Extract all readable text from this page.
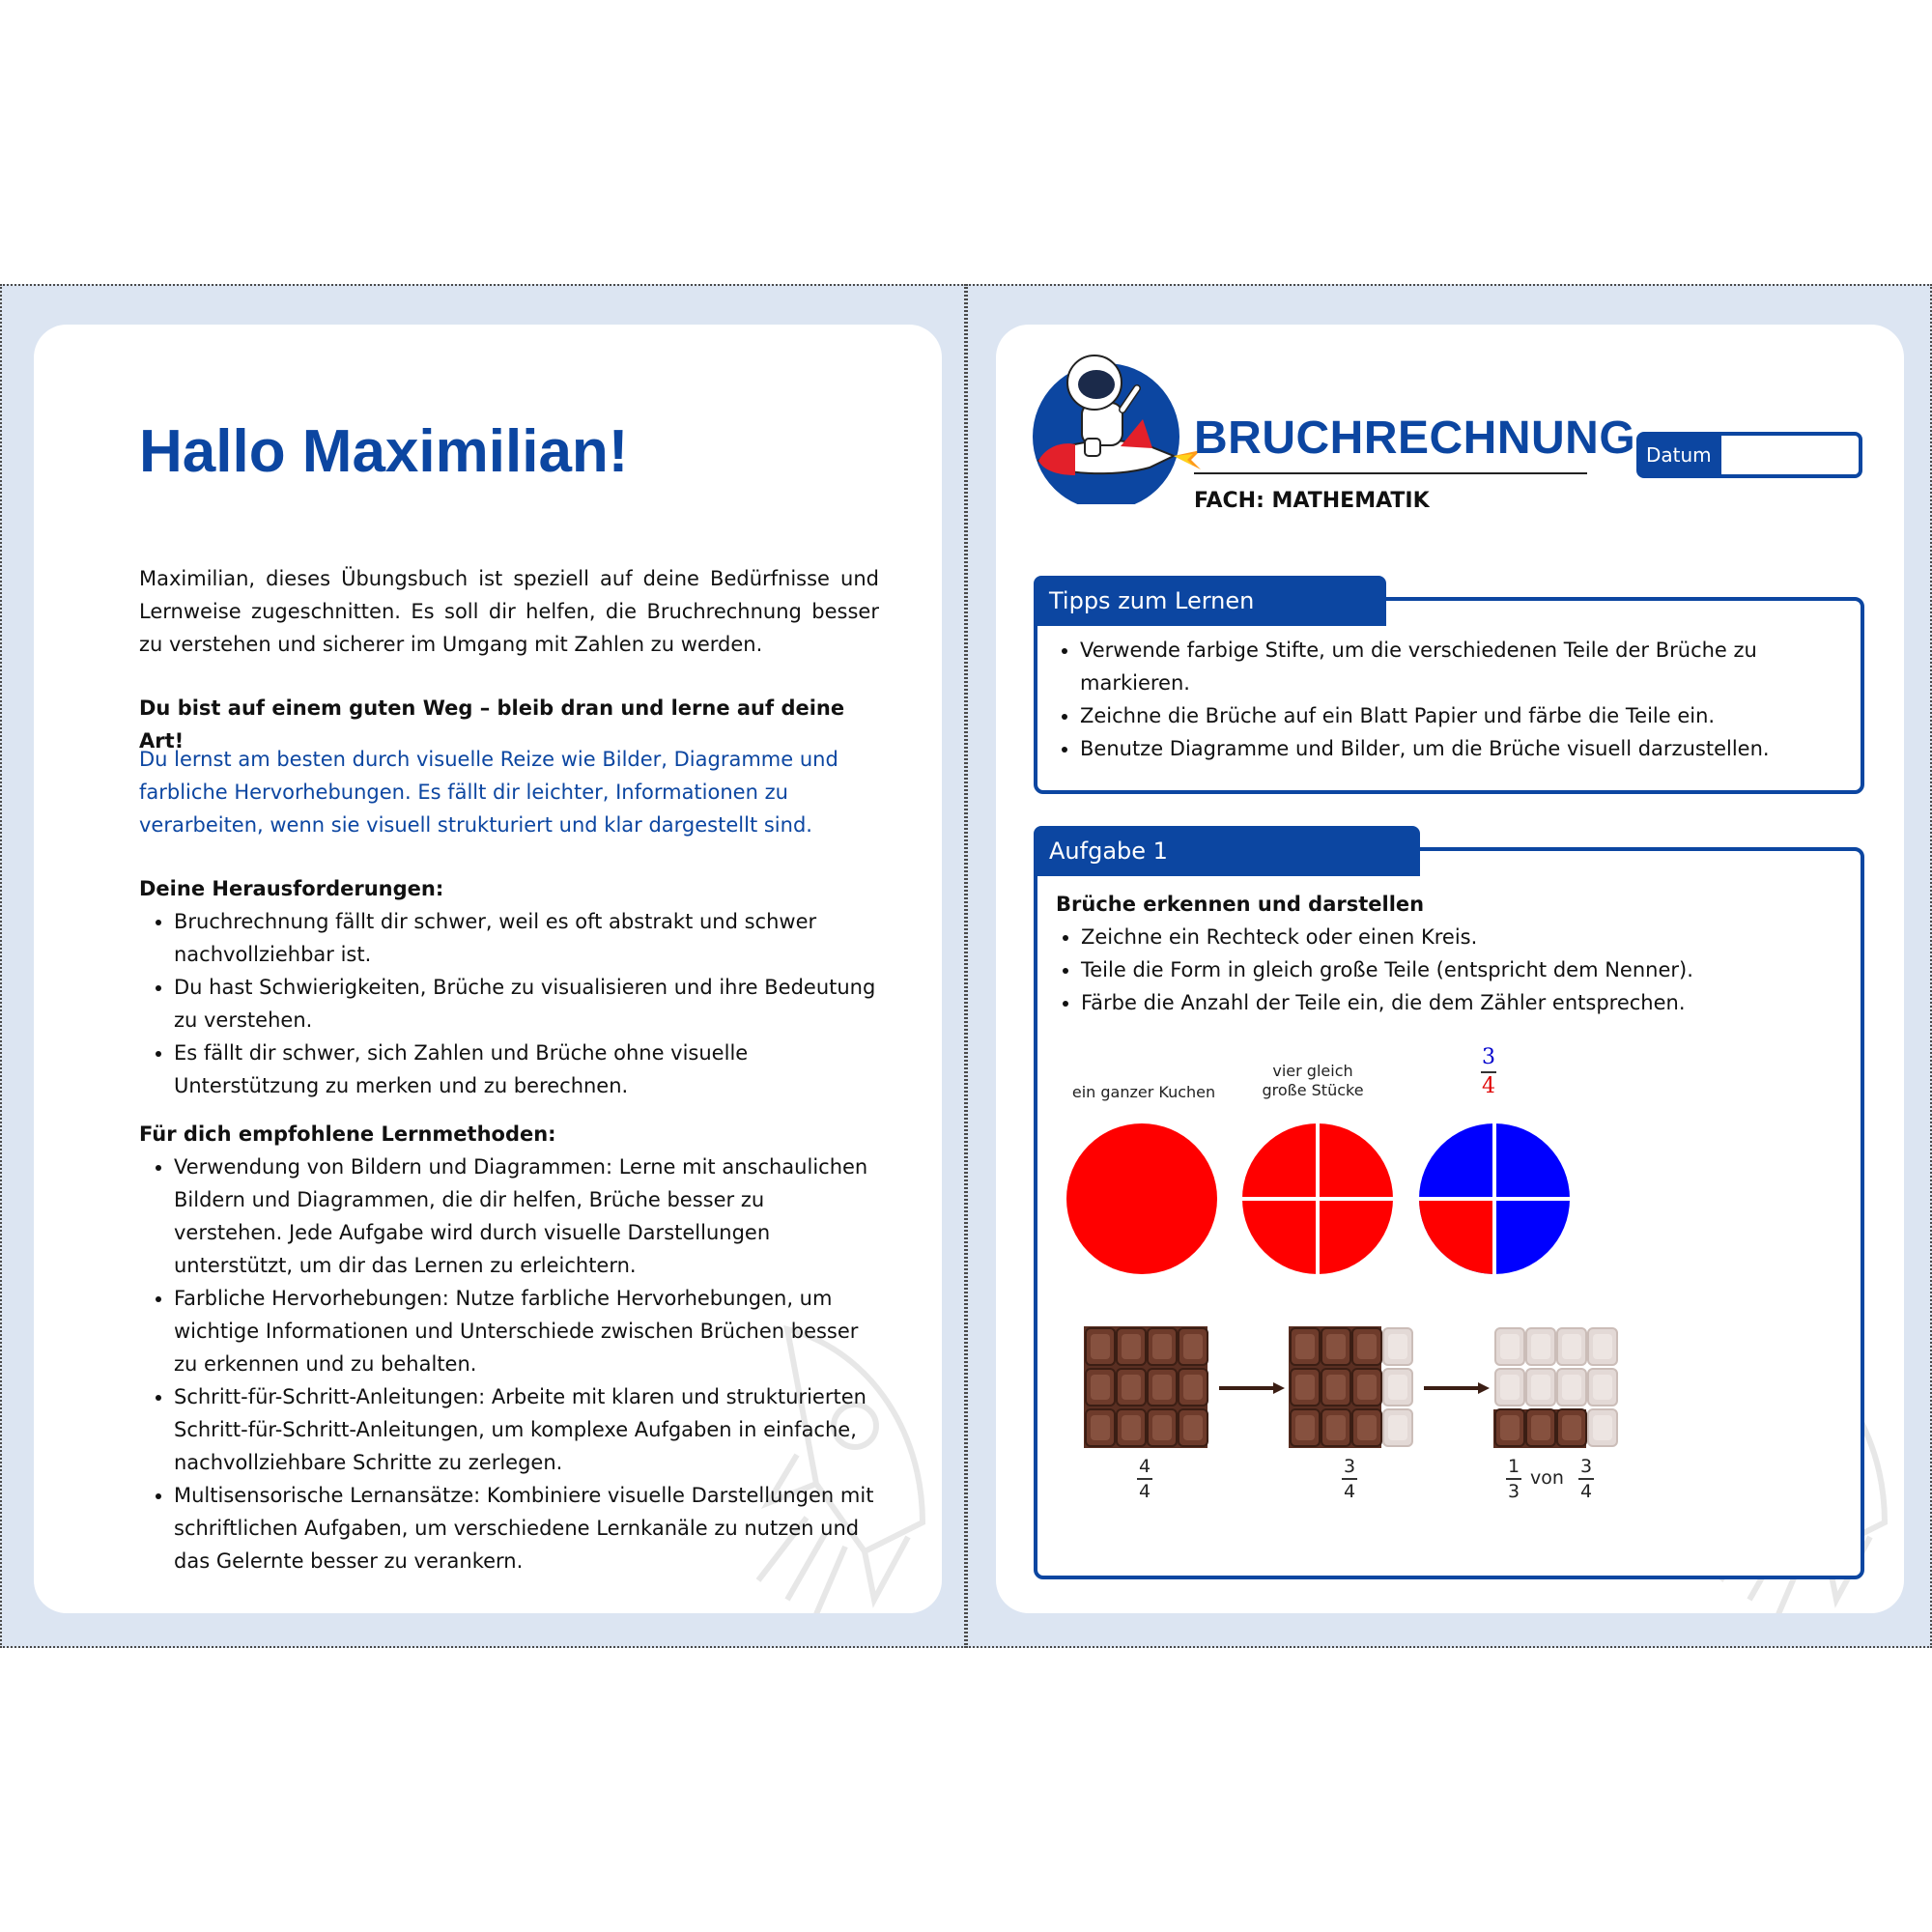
Hallo Maximilian!

Maximilian, dieses Übungsbuch ist speziell auf deine Bedürfnisse und Lernweise zugeschnitten. Es soll dir helfen, die Bruchrechnung besser zu verstehen und sicherer im Umgang mit Zahlen zu werden.

Du bist auf einem guten Weg – bleib dran und lerne auf deine Art!

Du lernst am besten durch visuelle Reize wie Bilder, Diagramme und farbliche Hervorhebungen. Es fällt dir leichter, Informationen zu verarbeiten, wenn sie visuell strukturiert und klar dargestellt sind.

Deine Herausforderungen:
• Bruchrechnung fällt dir schwer, weil es oft abstrakt und schwer nachvollziehbar ist.
• Du hast Schwierigkeiten, Brüche zu visualisieren und ihre Bedeutung zu verstehen.
• Es fällt dir schwer, sich Zahlen und Brüche ohne visuelle Unterstützung zu merken und zu berechnen.
Für dich empfohlene Lernmethoden:
• Verwendung von Bildern und Diagrammen: Lerne mit anschaulichen Bildern und Diagrammen, die dir helfen, Brüche besser zu verstehen. Jede Aufgabe wird durch visuelle Darstellungen unterstützt, um dir das Lernen zu erleichtern.
• Farbliche Hervorhebungen: Nutze farbliche Hervorhebungen, um wichtige Informationen und Unterschiede zwischen Brüchen besser zu erkennen und zu behalten.
• Schritt-für-Schritt-Anleitungen: Arbeite mit klaren und strukturierten Schritt-für-Schritt-Anleitungen, um komplexe Aufgaben in einfache, nachvollziehbare Schritte zu zerlegen.
• Multisensorische Lernansätze: Kombiniere visuelle Darstellungen mit schriftlichen Aufgaben, um verschiedene Lernkanäle zu nutzen und das Gelernte besser zu verankern.
BRUCHRECHNUNG
FACH: MATHEMATIK
Datum
• Verwende farbige Stifte, um die verschiedenen Teile der Brüche zu markieren.
• Zeichne die Brüche auf ein Blatt Papier und färbe die Teile ein.
• Benutze Diagramme und Bilder, um die Brüche visuell darzustellen.
Tipps zum Lernen
Brüche erkennen und darstellen
• Zeichne ein Rechteck oder einen Kreis.
• Teile die Form in gleich große Teile (entspricht dem Nenner).
• Färbe die Anzahl der Teile ein, die dem Zähler entsprechen.
ein ganzer Kuchen
vier gleich
große Stücke
3
4
4
4
3
4
1
3
von
3
4
Aufgabe 1
